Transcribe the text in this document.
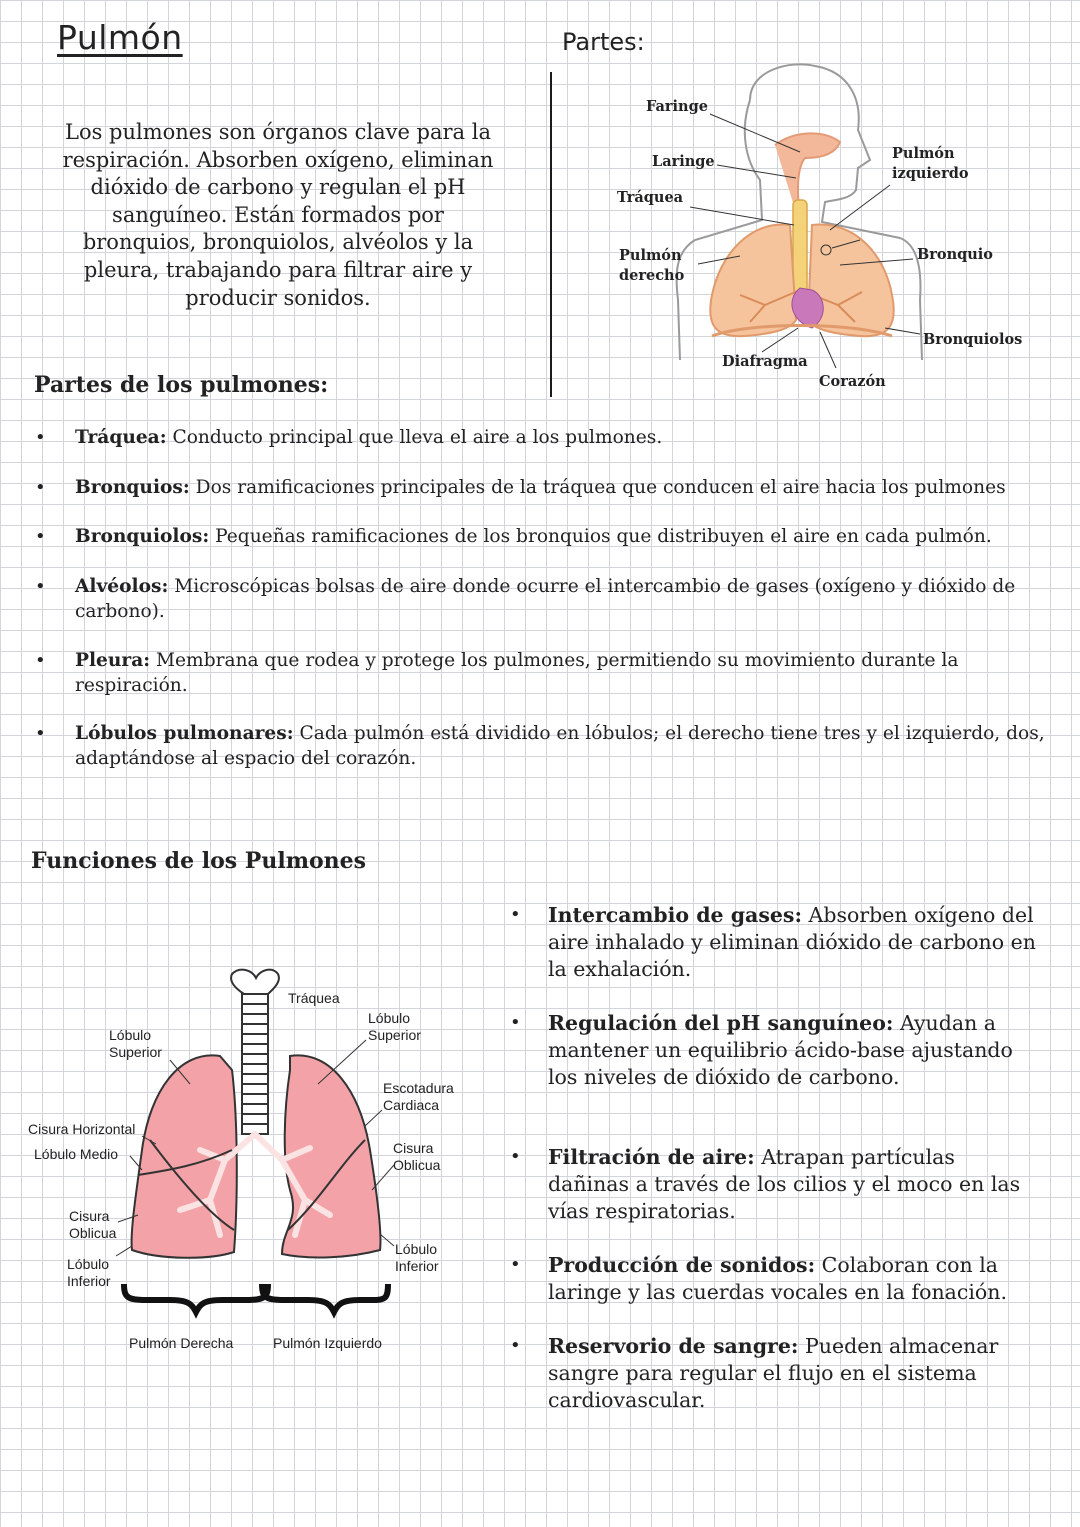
Pulmón	Partes:
Los pulmones son órganos clave para la respiración. Absorben oxígeno, eliminan dióxido de carbono y regulan el pH sanguíneo. Están formados por bronquios, bronquiolos, alvéolos y la pleura, trabajando para filtrar aire y producir sonidos.
Faringe
Laringe
Tráquea
Pulmón
derecho
Pulmón
izquierdo
Bronquio
Bronquiolos
Diafragma
Corazón
Partes de los pulmones:
• Tráquea: Conducto principal que lleva el aire a los pulmones.
• Bronquios: Dos ramificaciones principales de la tráquea que conducen el aire hacia los pulmones
• Bronquiolos: Pequeñas ramificaciones de los bronquios que distribuyen el aire en cada pulmón.
• Alvéolos: Microscópicas bolsas de aire donde ocurre el intercambio de gases (oxígeno y dióxido de carbono).
• Pleura: Membrana que rodea y protege los pulmones, permitiendo su movimiento durante la respiración.
• Lóbulos pulmonares: Cada pulmón está dividido en lóbulos; el derecho tiene tres y el izquierdo, dos, adaptándose al espacio del corazón.
Funciones de los Pulmones
Tráquea
Lóbulo
Superior
Lóbulo
Superior
Escotadura
Cardiaca
Cisura Horizontal
Lóbulo Medio	Cisura
Oblicua
Cisura
Oblicua
Lóbulo
Inferior
Lóbulo
Inferior
Pulmón Derecha	Pulmón Izquierdo
• Intercambio de gases: Absorben oxígeno del aire inhalado y eliminan dióxido de carbono en la exhalación.
• Regulación del pH sanguíneo: Ayudan a mantener un equilibrio ácido-base ajustando los niveles de dióxido de carbono.
• Filtración de aire: Atrapan partículas dañinas a través de los cilios y el moco en las vías respiratorias.
• Producción de sonidos: Colaboran con la laringe y las cuerdas vocales en la fonación.
• Reservorio de sangre: Pueden almacenar sangre para regular el flujo en el sistema cardiovascular.
